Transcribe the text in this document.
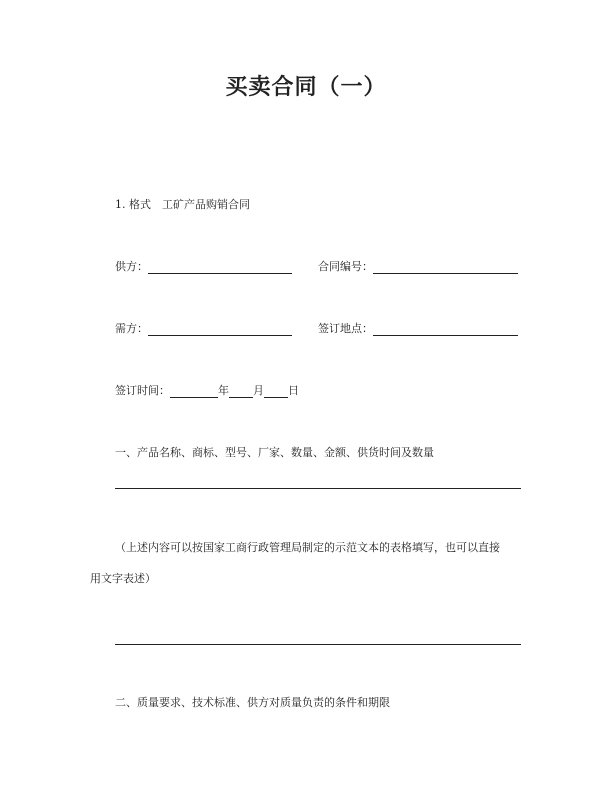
买卖合同（一）
1. 格式　工矿产品购销合同
供方：	合同编号：
需方：	签订地点：
签订时间：	年 月 日
一、产品名称、商标、型号、厂家、数量、金额、供货时间及数量
（上述内容可以按国家工商行政管理局制定的示范文本的表格填写，也可以直接
用文字表述）
二、质量要求、技术标准、供方对质量负责的条件和期限
